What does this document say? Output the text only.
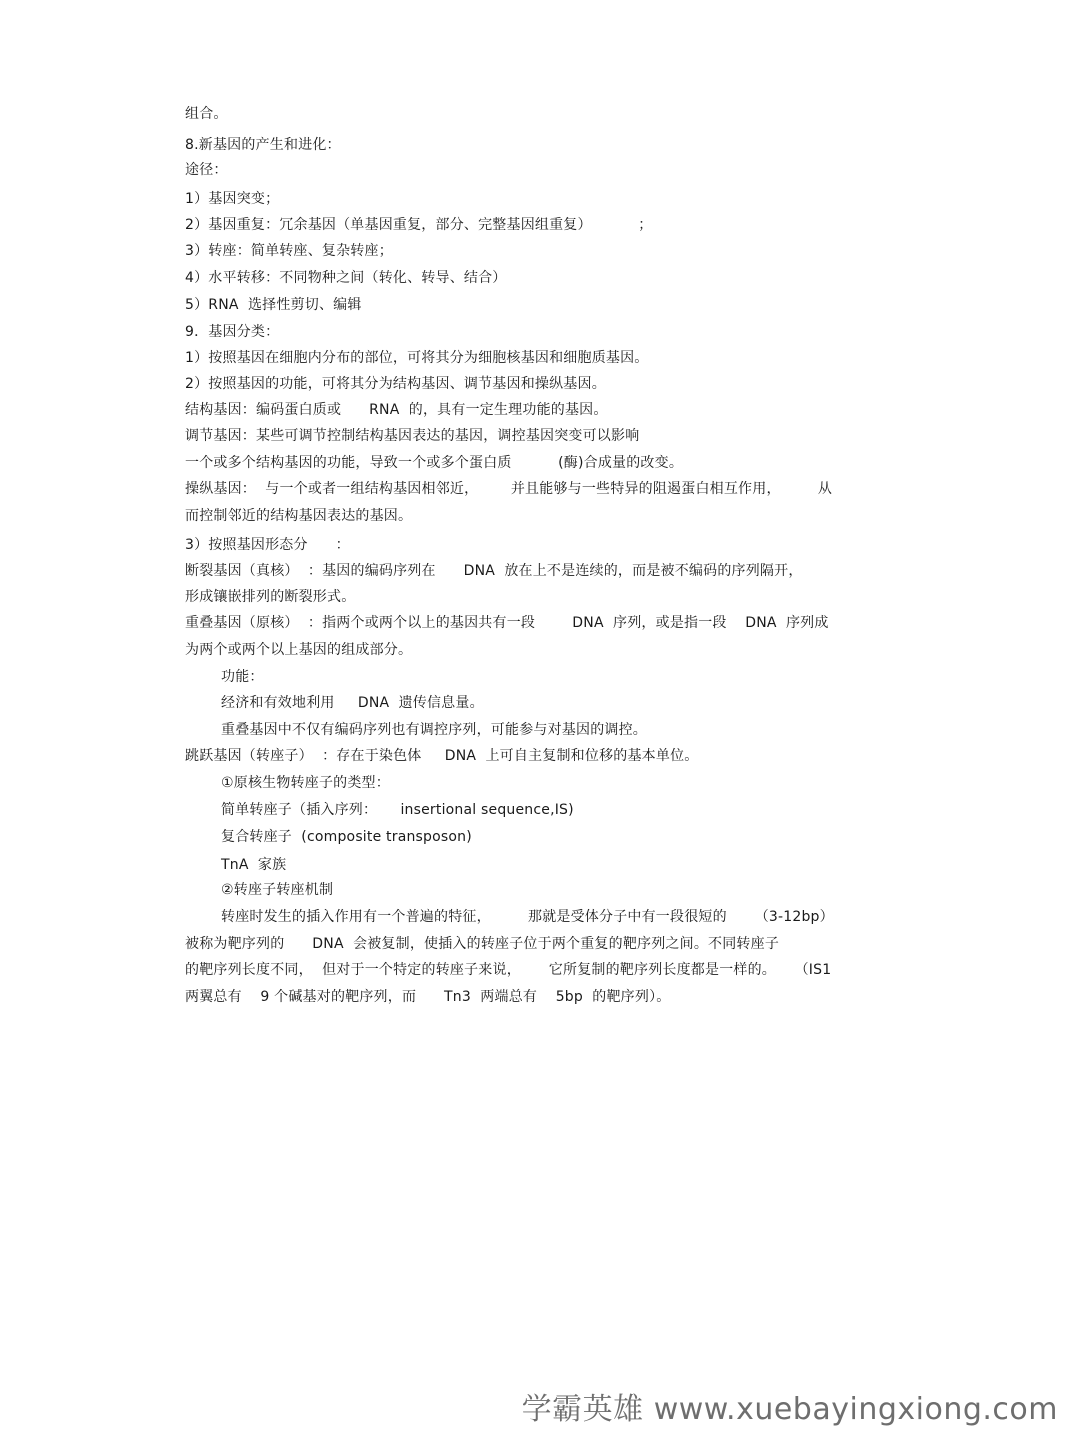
组合。
8.新基因的产生和进化：
途径：
1）基因突变；
2）基因重复：冗余基因（单基因重复，部分、完整基因组重复）          ；
3）转座：简单转座、复杂转座；
4）水平转移：不同物种之间（转化、转导、结合）
5）RNA  选择性剪切、编辑
9．基因分类：
1）按照基因在细胞内分布的部位，可将其分为细胞核基因和细胞质基因。
2）按照基因的功能，可将其分为结构基因、调节基因和操纵基因。
结构基因：编码蛋白质或      RNA  的，具有一定生理功能的基因。
调节基因：某些可调节控制结构基因表达的基因，调控基因突变可以影响
一个或多个结构基因的功能，导致一个或多个蛋白质          (酶)合成量的改变。
操纵基因：  与一个或者一组结构基因相邻近，       并且能够与一些特异的阻遏蛋白相互作用，        从
而控制邻近的结构基因表达的基因。
3）按照基因形态分      ：
断裂基因（真核）  ：基因的编码序列在      DNA  放在上不是连续的，而是被不编码的序列隔开，
形成镶嵌排列的断裂形式。
重叠基因（原核）  ：指两个或两个以上的基因共有一段        DNA  序列，或是指一段    DNA  序列成
为两个或两个以上基因的组成部分。
功能：
经济和有效地利用     DNA  遗传信息量。
重叠基因中不仅有编码序列也有调控序列，可能参与对基因的调控。
跳跃基因（转座子）  ：存在于染色体     DNA  上可自主复制和位移的基本单位。
①原核生物转座子的类型：
简单转座子（插入序列：     insertional sequence,IS)
复合转座子  (composite transposon)
TnA  家族
②转座子转座机制
转座时发生的插入作用有一个普遍的特征，        那就是受体分子中有一段很短的      （3-12bp）
被称为靶序列的      DNA  会被复制，使插入的转座子位于两个重复的靶序列之间。不同转座子
的靶序列长度不同，  但对于一个特定的转座子来说，      它所复制的靶序列长度都是一样的。    （IS1
两翼总有    9 个碱基对的靶序列，而      Tn3  两端总有    5bp  的靶序列）。
学霸英雄 www.xuebayingxiong.com
